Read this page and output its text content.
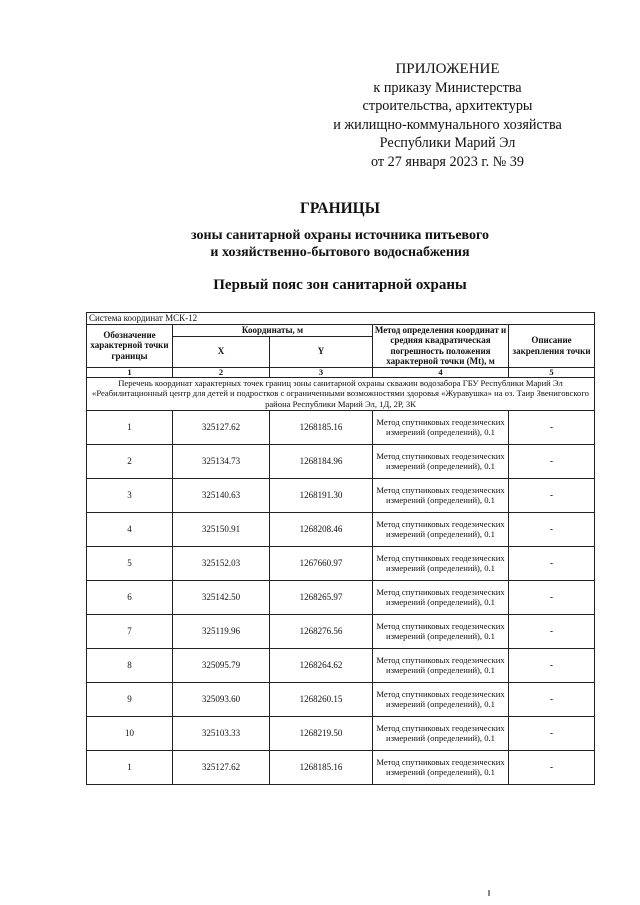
ПРИЛОЖЕНИЕ
к приказу Министерства
строительства, архитектуры
и жилищно-коммунального хозяйства
Республики Марий Эл
от 27 января 2023 г. № 39
ГРАНИЦЫ
зоны санитарной охраны источника питьевого
и хозяйственно-бытового водоснабжения
Первый пояс зон санитарной охраны
Система координат МСК-12				
Обозначение характерной точки границы	Координаты, м		Метод определения координат и средняя квадратическая погрешность положения характерной точки (Mt), м	Описание закрепления точки
	X	Y		
1	2	3	4	5
Перечень координат характерных точек границ зоны санитарной охраны скважин водозабора ГБУ Республики Марий Эл «Реабилитационный центр для детей и подростков с ограниченными возможностями здоровья «Журавушка» на оз. Таир Звениговского района Республики Марий Эл, 1Д, 2Р, 3К				
1	325127.62	1268185.16	Метод спутниковых геодезических измерений (определений), 0.1	-
2	325134.73	1268184.96	Метод спутниковых геодезических измерений (определений), 0.1	-
3	325140.63	1268191.30	Метод спутниковых геодезических измерений (определений), 0.1	-
4	325150.91	1268208.46	Метод спутниковых геодезических измерений (определений), 0.1	-
5	325152.03	1267660.97	Метод спутниковых геодезических измерений (определений), 0.1	-
6	325142.50	1268265.97	Метод спутниковых геодезических измерений (определений), 0.1	-
7	325119.96	1268276.56	Метод спутниковых геодезических измерений (определений), 0.1	-
8	325095.79	1268264.62	Метод спутниковых геодезических измерений (определений), 0.1	-
9	325093.60	1268260.15	Метод спутниковых геодезических измерений (определений), 0.1	-
10	325103.33	1268219.50	Метод спутниковых геодезических измерений (определений), 0.1	-
1	325127.62	1268185.16	Метод спутниковых геодезических измерений (определений), 0.1	-
